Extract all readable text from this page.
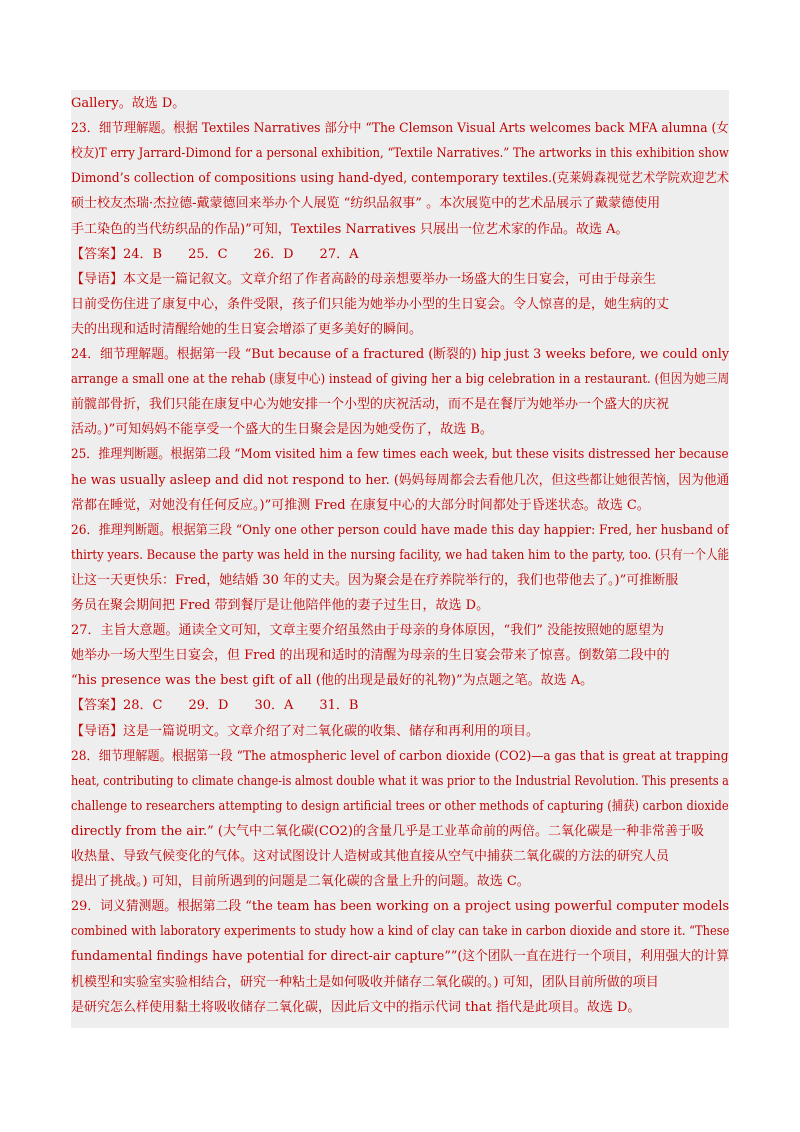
Gallery。故选 D。
23．细节理解题。根据 Textiles Narratives 部分中 “The Clemson Visual Arts welcomes back MFA alumna (女
校友)T erry Jarrard-Dimond for a personal exhibition, “Textile Narratives.” The artworks in this exhibition show
Dimond’s collection of compositions using hand-dyed, contemporary textiles.(克莱姆森视觉艺术学院欢迎艺术
硕士校友杰瑞·杰拉德-戴蒙德回来举办个人展览 “纺织品叙事” 。本次展览中的艺术品展示了戴蒙德使用
手工染色的当代纺织品的作品)”可知，Textiles Narratives 只展出一位艺术家的作品。故选 A。
【答案】24．B　　25．C　　26．D　　27．A
【导语】本文是一篇记叙文。文章介绍了作者高龄的母亲想要举办一场盛大的生日宴会，可由于母亲生
日前受伤住进了康复中心，条件受限，孩子们只能为她举办小型的生日宴会。令人惊喜的是，她生病的丈
夫的出现和适时清醒给她的生日宴会增添了更多美好的瞬间。
24．细节理解题。根据第一段 “But because of a fractured (断裂的) hip just 3 weeks before, we could only
arrange a small one at the rehab (康复中心) instead of giving her a big celebration in a restaurant. (但因为她三周
前髋部骨折，我们只能在康复中心为她安排一个小型的庆祝活动，而不是在餐厅为她举办一个盛大的庆祝
活动。)”可知妈妈不能享受一个盛大的生日聚会是因为她受伤了，故选 B。
25．推理判断题。根据第二段 “Mom visited him a few times each week, but these visits distressed her because
he was usually asleep and did not respond to her. (妈妈每周都会去看他几次，但这些都让她很苦恼，因为他通
常都在睡觉，对她没有任何反应。)”可推测 Fred 在康复中心的大部分时间都处于昏迷状态。故选 C。
26．推理判断题。根据第三段 “Only one other person could have made this day happier: Fred, her husband of
thirty years. Because the party was held in the nursing facility, we had taken him to the party, too. (只有一个人能
让这一天更快乐：Fred，她结婚 30 年的丈夫。因为聚会是在疗养院举行的，我们也带他去了。)”可推断服
务员在聚会期间把 Fred 带到餐厅是让他陪伴他的妻子过生日，故选 D。
27．主旨大意题。通读全文可知，文章主要介绍虽然由于母亲的身体原因，“我们” 没能按照她的愿望为
她举办一场大型生日宴会，但 Fred 的出现和适时的清醒为母亲的生日宴会带来了惊喜。倒数第二段中的
“his presence was the best gift of all (他的出现是最好的礼物)”为点题之笔。故选 A。
【答案】28．C　　29．D　　30．A　　31．B
【导语】这是一篇说明文。文章介绍了对二氧化碳的收集、储存和再利用的项目。
28．细节理解题。根据第一段 “The atmospheric level of carbon dioxide (CO2)—a gas that is great at trapping
heat, contributing to climate change-is almost double what it was prior to the Industrial Revolution. This presents a
challenge to researchers attempting to design artificial trees or other methods of capturing (捕获) carbon dioxide
directly from the air.” (大气中二氧化碳(CO2)的含量几乎是工业革命前的两倍。二氧化碳是一种非常善于吸
收热量、导致气候变化的气体。这对试图设计人造树或其他直接从空气中捕获二氧化碳的方法的研究人员
提出了挑战。) 可知，目前所遇到的问题是二氧化碳的含量上升的问题。故选 C。
29．词义猜测题。根据第二段 “the team has been working on a project using powerful computer models
combined with laboratory experiments to study how a kind of clay can take in carbon dioxide and store it. “These
fundamental findings have potential for direct-air capture””(这个团队一直在进行一个项目，利用强大的计算
机模型和实验室实验相结合，研究一种粘土是如何吸收并储存二氧化碳的。) 可知，团队目前所做的项目
是研究怎么样使用黏土将吸收储存二氧化碳，因此后文中的指示代词 that 指代是此项目。故选 D。
